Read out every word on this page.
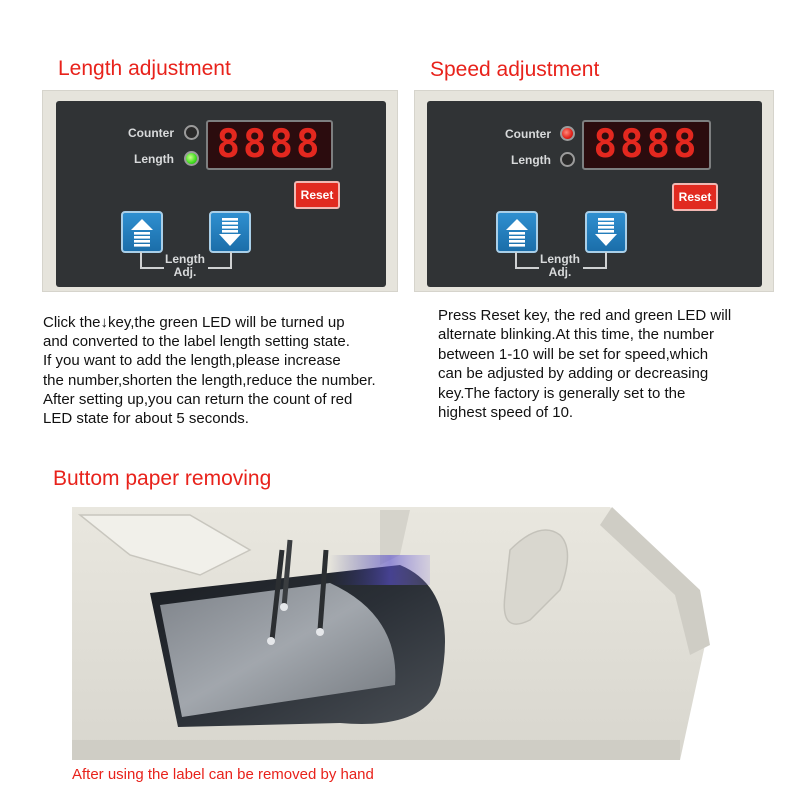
Length adjustment
Counter
Length 8888
Reset
Length
Adj.
Click the↓key,the green LED will be turned up
and converted to the label length setting state.
If you want to add the length,please increase
the number,shorten the length,reduce the number.
After setting up,you can return the count of red
LED state for about 5 seconds.
Speed adjustment
Counter
Length 8888
Reset
Length
Adj.
Press Reset key, the red and green LED will
alternate blinking.At this time, the number
between 1-10 will be set for speed,which
can be adjusted by adding or decreasing
key.The factory is generally set to the
highest speed of 10.
Buttom paper removing
After using the label can be removed by hand
